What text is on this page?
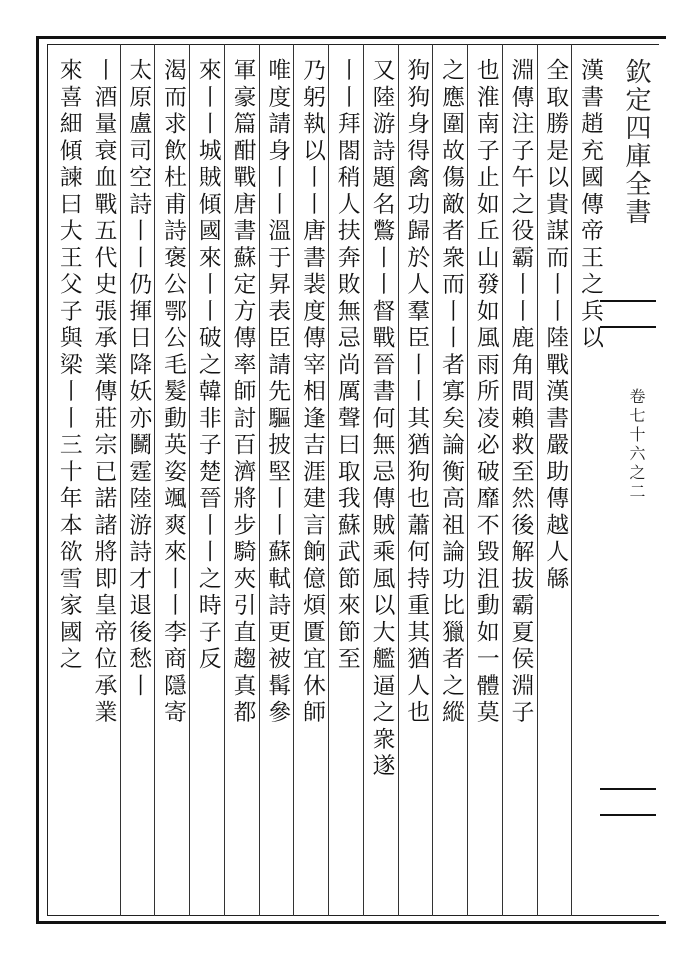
欽定四庫全書
卷七十六之二
漢書趙充國傳帝王之兵以
全取勝是以貴謀而丨丨陸戰漢書嚴助傳越人緜
淵傳注子午之役霸丨丨鹿角間賴救至然後解拔霸夏侯淵子
也淮南子止如丘山發如風雨所凌必破靡不毀沮動如一體莫
之應圍故傷敵者衆而丨丨者寡矣論衡高祖論功比獵者之縱
狗狗身得禽功歸於人羣臣丨丨其猶狗也蕭何持重其猶人也
又陸游詩題名鷩丨丨督戰晉書何無忌傳賊乘風以大艦逼之衆遂
丨丨拜閤稍人扶奔敗無忌尚厲聲曰取我蘇武節來節至
乃躬執以丨丨唐書裴度傳宰相逢吉涯建言餉億煩匱宜休師
唯度請身丨丨溫于昇表臣請先驅披堅丨丨蘇軾詩更被髯參
軍豪篇酣戰唐書蘇定方傳率師討百濟將步騎夾引直趨真都
來丨丨城賊傾國來丨丨破之韓非子楚晉丨丨之時子反
渴而求飲杜甫詩褒公鄂公毛髮動英姿颯爽來丨丨李商隱寄
太原盧司空詩丨丨仍揮日降妖亦鬭霆陸游詩才退後愁丨
丨酒量衰血戰五代史張承業傳莊宗已諾諸將即皇帝位承業
來喜細傾諫曰大王父子與梁丨丨三十年本欲雪家國之
